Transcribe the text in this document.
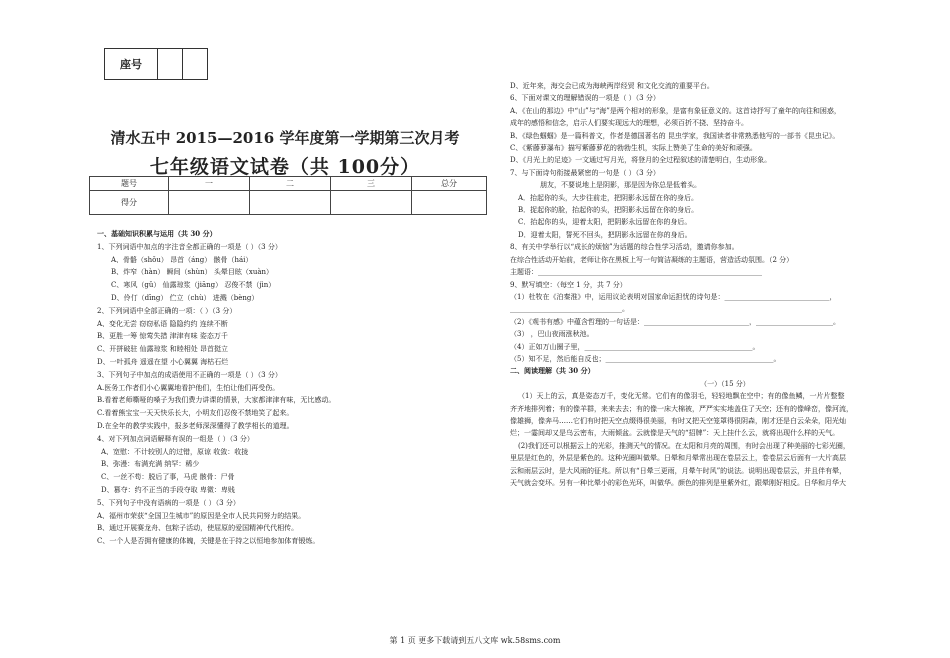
座号		
清水五中 2015—2016 学年度第一学期第三次月考
七年级语文试卷（共 100分）
题号	一	二	三	总分
得分				

一、基础知识积累与运用（共 30 分）

1、下列词语中加点的字注音全都正确的一项是（ ）（3 分）

A、骨骼（shǒu） 昂首（áng） 骸骨（hái）

B、炸窄（hàn） 瞬间（shùn） 头晕目眩（xuàn）

C、寒风（gǔ） 仙露琼浆（jiāng） 忍俊不禁（jìn）

D、伶仃（dīng） 伫立（chù） 进溅（bèng）

2、下列词语中全部正确的一项：（ ）（3 分）

A、变化无尝 窃窃私语 隐隐约约 连续不断

B、更胜一筹 惊莺失措 津津有味 姿态万千

C、开拼破驻 仙露琼浆 和睦相处 昂首挺立

D、一叶孤舟 遥遥在望 小心翼翼 海枯石烂

3、下列句子中加点的成语使用不正确的一项是（ ）（3 分）

A.医务工作者们小心翼翼地看护他们，生怕让他们再受伤。

B.看着老师嘶哑的嗓子为我们费力讲课的情景，大家都津津有味，无比感动。

C.看着熊宝宝一天天快乐长大，小明友们忍俊不禁地笑了起来。

D.在全年的教学实践中，报多老师深深懂得了教学相长的道理。

4、对下列加点词语解释有误的一组是（ ）（3 分）

A、宽慰：不计较别人的过错，原谅 收敛：收拢

B、弥漫：布满充满 纳罕：稀少

C、一丝不苟：脱后了事，马虎 骸骨：尸骨

D、篡夺：约不正当的手段夺取 卑微：卑贱

5、下列句子中没有语病的一项是（ ）（3 分）

A、福州市荣获“全国卫生城市”的原因是全市人民共同努力的结果。

B、通过开展赛龙舟、包粽子活动，使屈原的爱国精神代代相传。

C、一个人是否拥有健康的体魄，关键是在于持之以恒地参加体育锻炼。

D、近年来，海交会已成为海峡两岸经贸 和文化交流的重要平台。

6、下面对课文的理解错误的一项是（ ）（3 分）

A、《在山的那边》中“山”与“海”是两个相对的形象，是富有象征意义的。这首诗抒写了童年的向往和困惑，

成年的感悟和信念，启示人们要实现远大的理想，必须百折不挠、坚持奋斗。

B、《绿色蝈蝈》是一篇科普文，作者是德国著名的 昆虫学家，我国读者非常熟悉他写的一部书《昆虫记》。

C、《紫藤萝瀑布》描写紫藤萝花的勃勃生机，实际上赞美了生命的美好和顽强。

D、《月光上的足迹》一文通过写月光，将登月的全过程叙述的清楚明白，生动形象。

7、与下面诗句衔接最紧密的一句是（ ）（3 分）

朋友，不要说地上是阴影，那是因为你总是低着头。

A．抬起你的头，大步往前走，把阴影永远留在你的身后。

B．捉起你的脸，抬起你的头，把阴影永远留在你的身后。

C．抬起你的头，迎着太阳，把阴影永远留在你的身后。

D．迎着太阳，誓死不回头，把阴影永远留在你的身后。

8、有关中学举行以“成长的烦恼”为话题的综合性学习活动，邀请你参加。

在综合性活动开始前，老师让你在黑板上写一句简洁凝练的主题语，营造活动氛围。（2 分）

主题语：________________________________________________________________

9、默写填空：（每空 1 分，共 7 分）

（1）杜牧在《泊秦淮》中，运用议论表明对国家命运担忧的诗句是：______________________________，

________________________________。

（2）《观书有感》中蕴含哲理的一句话是：______________________________，______________________。

（3） ，巴山夜雨涨秋池。

（4）正如万山圈子里，________________________________________________。

（5）知不足，然后能自反也；________________________________________________。

二、阅读理解（共 30 分）

（一）（15 分）

（1）天上的云，真是姿态万千，变化无常。它们有的像羽毛，轻轻地飘在空中；有的像鱼鳞，一片片整整

齐齐地排列着；有的像羊群，来来去去；有的像一床大棉被，严严实实地盖住了天空；还有的像峰峦，像河流，

像雄狮，像奔马……它们有时把天空点缀得很美丽，有时又把天空笼罩得很阴森，刚才还是白云朵朵，阳光灿

烂；一霎间却又是乌云密布，大雨倾盆。云就像是天气的“招牌”：天上挂什么云，就将出现什么样的天气。

(2)我们还可以根据云上的光彩，推测天气的情况。在太阳和月亮的周围，有时会出现了种美丽的七彩光圈，

里层是红色的，外层是紫色的。这种光圈叫做晕。日晕和月晕常出现在卷层云上，卷卷层云后面有一大片高层

云和雨层云时，是大风雨的征兆。所以有“日晕三更雨，月晕午时风”的说法。说明出现卷层云，并且伴有晕，

天气就会变坏。另有一种比晕小的彩色光环，叫做华。颜色的排列是里紫外红，跟晕刚好相反。日华和月华大

第 1 页 更多下载请到五八文库 wk.58sms.com
